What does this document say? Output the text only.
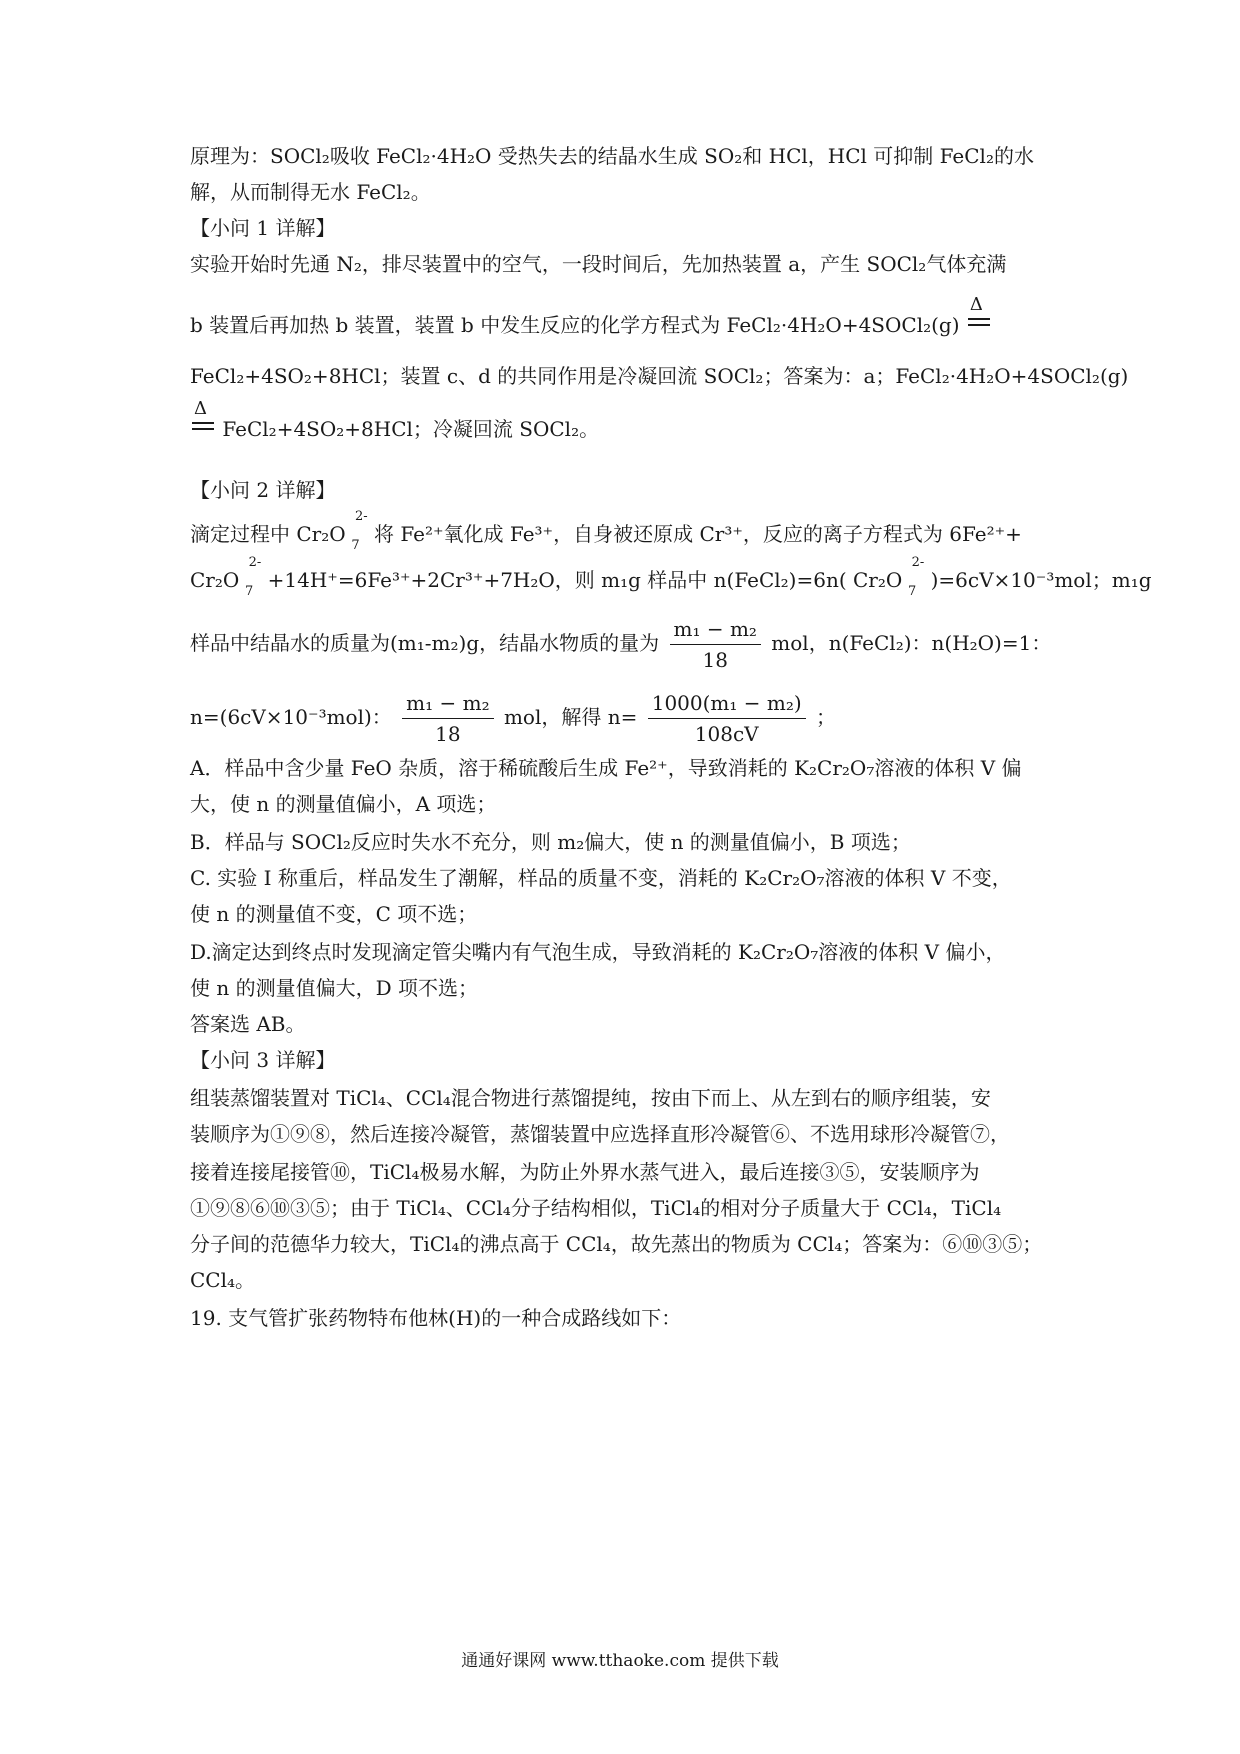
原理为：SOCl₂吸收 FeCl₂·4H₂O 受热失去的结晶水生成 SO₂和 HCl，HCl 可抑制 FeCl₂的水
解，从而制得无水 FeCl₂。
【小问 1 详解】
实验开始时先通 N₂，排尽装置中的空气，一段时间后，先加热装置 a，产生 SOCl₂气体充满
b 装置后再加热 b 装置，装置 b 中发生反应的化学方程式为 FeCl₂·4H₂O+4SOCl₂(g)
Δ
FeCl₂+4SO₂+8HCl；装置 c、d 的共同作用是冷凝回流 SOCl₂；答案为：a；FeCl₂·4H₂O+4SOCl₂(g)
Δ
FeCl₂+4SO₂+8HCl；冷凝回流 SOCl₂。
【小问 2 详解】
滴定过程中 Cr₂O 7
2-
将 Fe²⁺氧化成 Fe³⁺，自身被还原成 Cr³⁺，反应的离子方程式为 6Fe²⁺+
Cr₂O 7
2-
+14H⁺=6Fe³⁺+2Cr³⁺+7H₂O，则 m₁g 样品中 n(FeCl₂)=6n( Cr₂O 7
2-
)=6cV×10⁻³mol；m₁g
样品中结晶水的质量为(m₁-m₂)g，结晶水物质的量为 $\frac{\text{m₁ − m₂}}{18}$ mol，n(FeCl₂)：n(H₂O)=1：
n=(6cV×10⁻³mol)： $\frac{\text{m₁ − m₂}}{18}$ mol，解得 $n= \frac{\text{1000(m₁ − m₂)}}{108cV}$ ；
A．样品中含少量 FeO 杂质，溶于稀硫酸后生成 Fe²⁺，导致消耗的 K₂Cr₂O₇溶液的体积 V 偏
大，使 n 的测量值偏小，A 项选；
B．样品与 SOCl₂反应时失水不充分，则 m₂偏大，使 n 的测量值偏小，B 项选；
C. 实验 I 称重后，样品发生了潮解，样品的质量不变，消耗的 K₂Cr₂O₇溶液的体积 V 不变，
使 n 的测量值不变，C 项不选；
D.滴定达到终点时发现滴定管尖嘴内有气泡生成，导致消耗的 K₂Cr₂O₇溶液的体积 V 偏小，
使 n 的测量值偏大，D 项不选；
答案选 AB。
【小问 3 详解】
组装蒸馏装置对 TiCl₄、CCl₄混合物进行蒸馏提纯，按由下而上、从左到右的顺序组装，安
装顺序为①⑨⑧，然后连接冷凝管，蒸馏装置中应选择直形冷凝管⑥、不选用球形冷凝管⑦，
接着连接尾接管⑩，TiCl₄极易水解，为防止外界水蒸气进入，最后连接③⑤，安装顺序为
①⑨⑧⑥⑩③⑤；由于 TiCl₄、CCl₄分子结构相似，TiCl₄的相对分子质量大于 CCl₄，TiCl₄
分子间的范德华力较大，TiCl₄的沸点高于 CCl₄，故先蒸出的物质为 CCl₄；答案为：⑥⑩③⑤；
CCl₄。
19. 支气管扩张药物特布他林(H)的一种合成路线如下：
通通好课网 www.tthaoke.com 提供下载
